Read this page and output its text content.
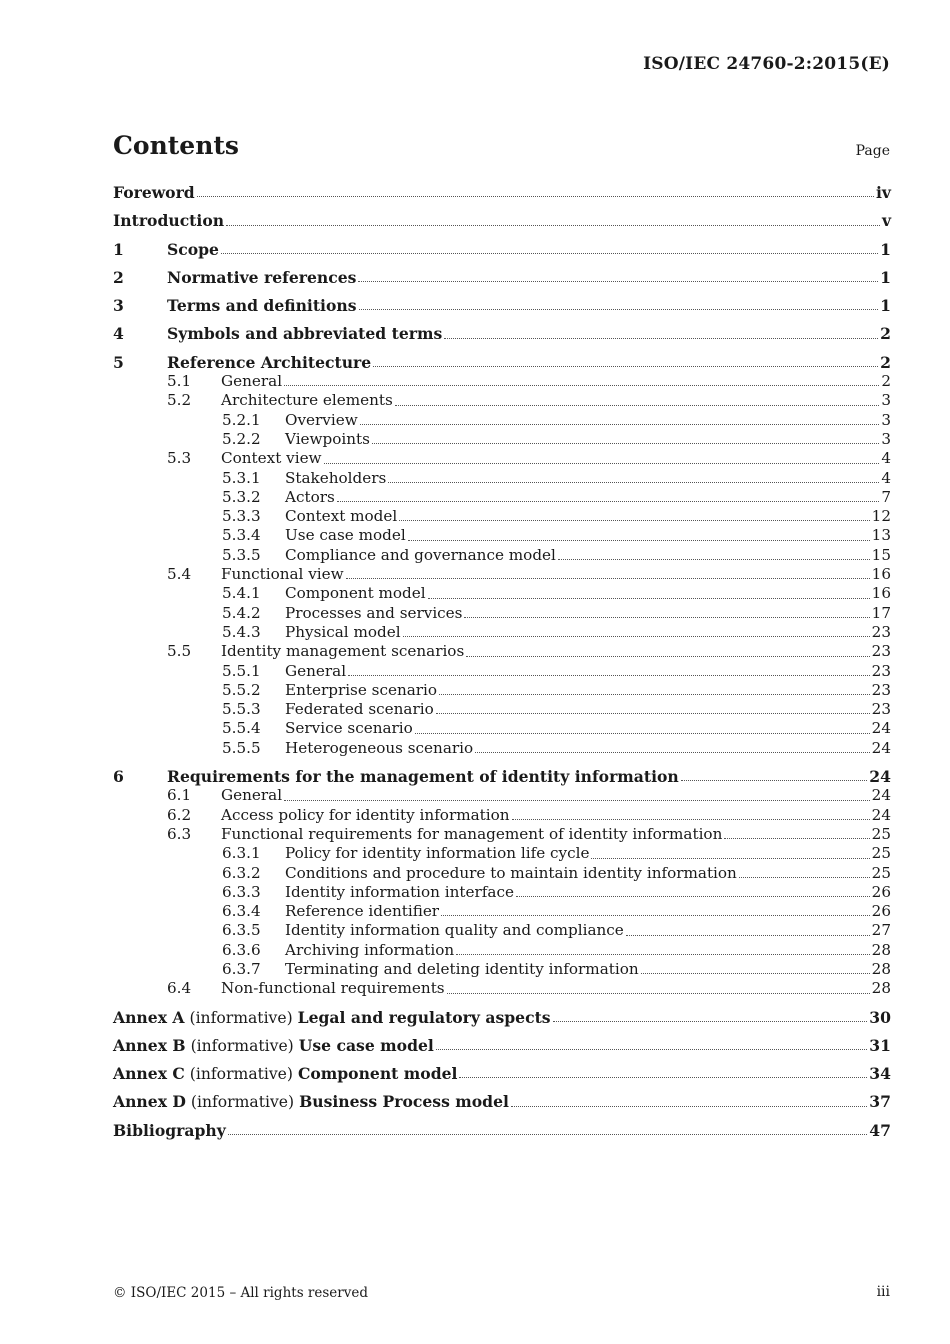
ISO/IEC 24760-2:2015(E)
Contents	Page
Foreword	iv
Introduction	v
1	Scope	1
2	Normative references	1
3	Terms and definitions	1
4	Symbols and abbreviated terms	2
5	Reference Architecture	2
5.1	General	2
5.2	Architecture elements	3
5.2.1	Overview	3
5.2.2	Viewpoints	3
5.3	Context view	4
5.3.1	Stakeholders	4
5.3.2	Actors	7
5.3.3	Context model	12
5.3.4	Use case model	13
5.3.5	Compliance and governance model	15
5.4	Functional view	16
5.4.1	Component model	16
5.4.2	Processes and services	17
5.4.3	Physical model	23
5.5	Identity management scenarios	23
5.5.1	General	23
5.5.2	Enterprise scenario	23
5.5.3	Federated scenario	23
5.5.4	Service scenario	24
5.5.5	Heterogeneous scenario	24
6	Requirements for the management of identity information	24
6.1	General	24
6.2	Access policy for identity information	24
6.3	Functional requirements for management of identity information	25
6.3.1	Policy for identity information life cycle	25
6.3.2	Conditions and procedure to maintain identity information	25
6.3.3	Identity information interface	26
6.3.4	Reference identifier	26
6.3.5	Identity information quality and compliance	27
6.3.6	Archiving information	28
6.3.7	Terminating and deleting identity information	28
6.4	Non-functional requirements	28
Annex A (informative) Legal and regulatory aspects	30
Annex B (informative) Use case model	31
Annex C (informative) Component model	34
Annex D (informative) Business Process model	37
Bibliography	47
© ISO/IEC 2015 – All rights reserved	iii
